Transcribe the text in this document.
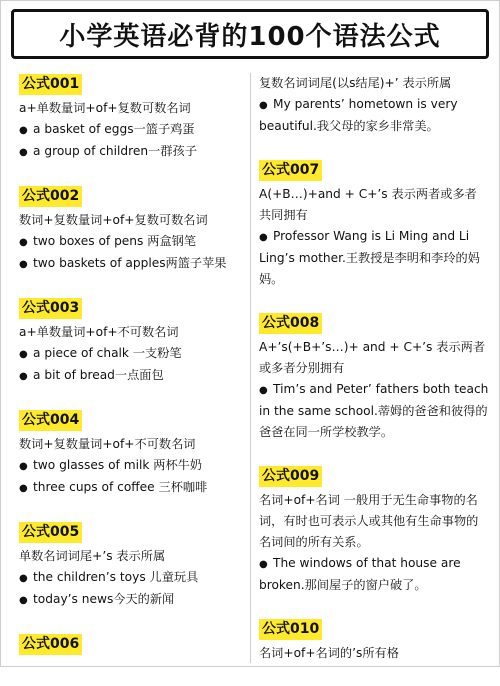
小学英语必背的100个语法公式
公式001
a+单数量词+of+复数可数名词
● a basket of eggs一篮子鸡蛋
● a group of children一群孩子
公式002
数词+复数量词+of+复数可数名词
● two boxes of pens 两盒钢笔
● two baskets of apples两篮子苹果
公式003
a+单数量词+of+不可数名词
● a piece of chalk 一支粉笔
● a bit of bread一点面包
公式004
数词+复数量词+of+不可数名词
● two glasses of milk 两杯牛奶
● three cups of coffee 三杯咖啡
公式005
单数名词词尾+’s 表示所属
● the children’s toys 儿童玩具
● today’s news今天的新闻
公式006
复数名词词尾(以s结尾)+’ 表示所属
● My parents’ hometown is very beautiful.我父母的家乡非常美。
公式007
A(+B…)+and + C+’s 表示两者或多者共同拥有
● Professor Wang is Li Ming and Li Ling’s mother.王教授是李明和李玲的妈妈。
公式008
A+’s(+B+’s…)+ and + C+’s 表示两者或多者分别拥有
● Tim’s and Peter’ fathers both teach in the same school.蒂姆的爸爸和彼得的爸爸在同一所学校教学。
公式009
名词+of+名词 一般用于无生命事物的名词，有时也可表示人或其他有生命事物的名词间的所有关系。
● The windows of that house are broken.那间屋子的窗户破了。
公式010
名词+of+名词的’s所有格
